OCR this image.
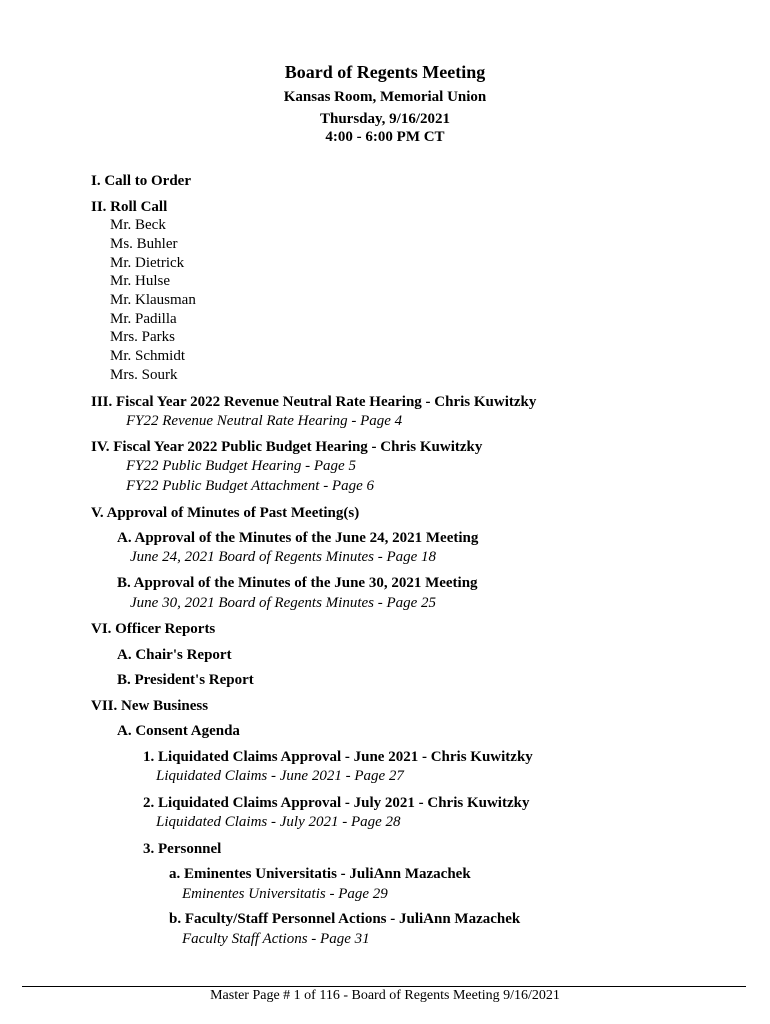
Board of Regents Meeting
Kansas Room, Memorial Union
Thursday, 9/16/2021
4:00 - 6:00 PM CT
I. Call to Order
II. Roll Call
Mr. Beck
Ms. Buhler
Mr. Dietrick
Mr. Hulse
Mr. Klausman
Mr. Padilla
Mrs. Parks
Mr. Schmidt
Mrs. Sourk
III. Fiscal Year 2022 Revenue Neutral Rate Hearing - Chris Kuwitzky
FY22 Revenue Neutral Rate Hearing - Page 4
IV. Fiscal Year 2022 Public Budget Hearing - Chris Kuwitzky
FY22 Public Budget Hearing - Page 5
FY22 Public Budget Attachment - Page 6
V. Approval of Minutes of Past Meeting(s)
A. Approval of the Minutes of the June 24, 2021 Meeting
June 24, 2021 Board of Regents Minutes - Page 18
B. Approval of the Minutes of the June 30, 2021 Meeting
June 30, 2021 Board of Regents Minutes - Page 25
VI. Officer Reports
A. Chair's Report
B. President's Report
VII. New Business
A. Consent Agenda
1. Liquidated Claims Approval - June 2021 - Chris Kuwitzky
Liquidated Claims - June 2021 - Page 27
2. Liquidated Claims Approval - July 2021 - Chris Kuwitzky
Liquidated Claims - July 2021 - Page 28
3. Personnel
a. Eminentes Universitatis - JuliAnn Mazachek
Eminentes Universitatis - Page 29
b. Faculty/Staff Personnel Actions - JuliAnn Mazachek
Faculty Staff Actions - Page 31
Master Page # 1 of 116 - Board of Regents Meeting 9/16/2021
